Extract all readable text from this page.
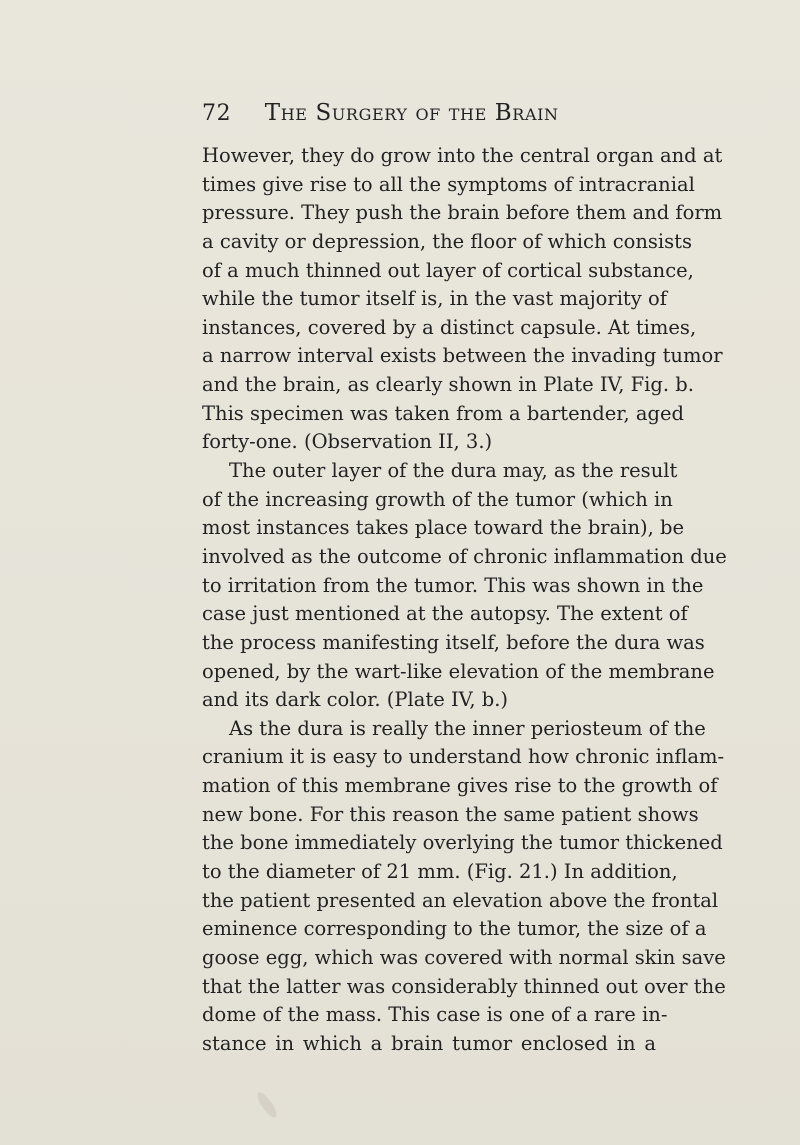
72 The Surgery of the Brain
However, they do grow into the central organ and at
times give rise to all the symptoms of intracranial
pressure. They push the brain before them and form
a cavity or depression, the floor of which consists
of a much thinned out layer of cortical substance,
while the tumor itself is, in the vast majority of
instances, covered by a distinct capsule. At times,
a narrow interval exists between the invading tumor
and the brain, as clearly shown in Plate IV, Fig. b.
This specimen was taken from a bartender, aged
forty-one. (Observation II, 3.)
The outer layer of the dura may, as the result
of the increasing growth of the tumor (which in
most instances takes place toward the brain), be
involved as the outcome of chronic inflammation due
to irritation from the tumor. This was shown in the
case just mentioned at the autopsy. The extent of
the process manifesting itself, before the dura was
opened, by the wart-like elevation of the membrane
and its dark color. (Plate IV, b.)
As the dura is really the inner periosteum of the
cranium it is easy to understand how chronic inflam-
mation of this membrane gives rise to the growth of
new bone. For this reason the same patient shows
the bone immediately overlying the tumor thickened
to the diameter of 21 mm. (Fig. 21.) In addition,
the patient presented an elevation above the frontal
eminence corresponding to the tumor, the size of a
goose egg, which was covered with normal skin save
that the latter was considerably thinned out over the
dome of the mass. This case is one of a rare in-
stance in which a brain tumor enclosed in a
